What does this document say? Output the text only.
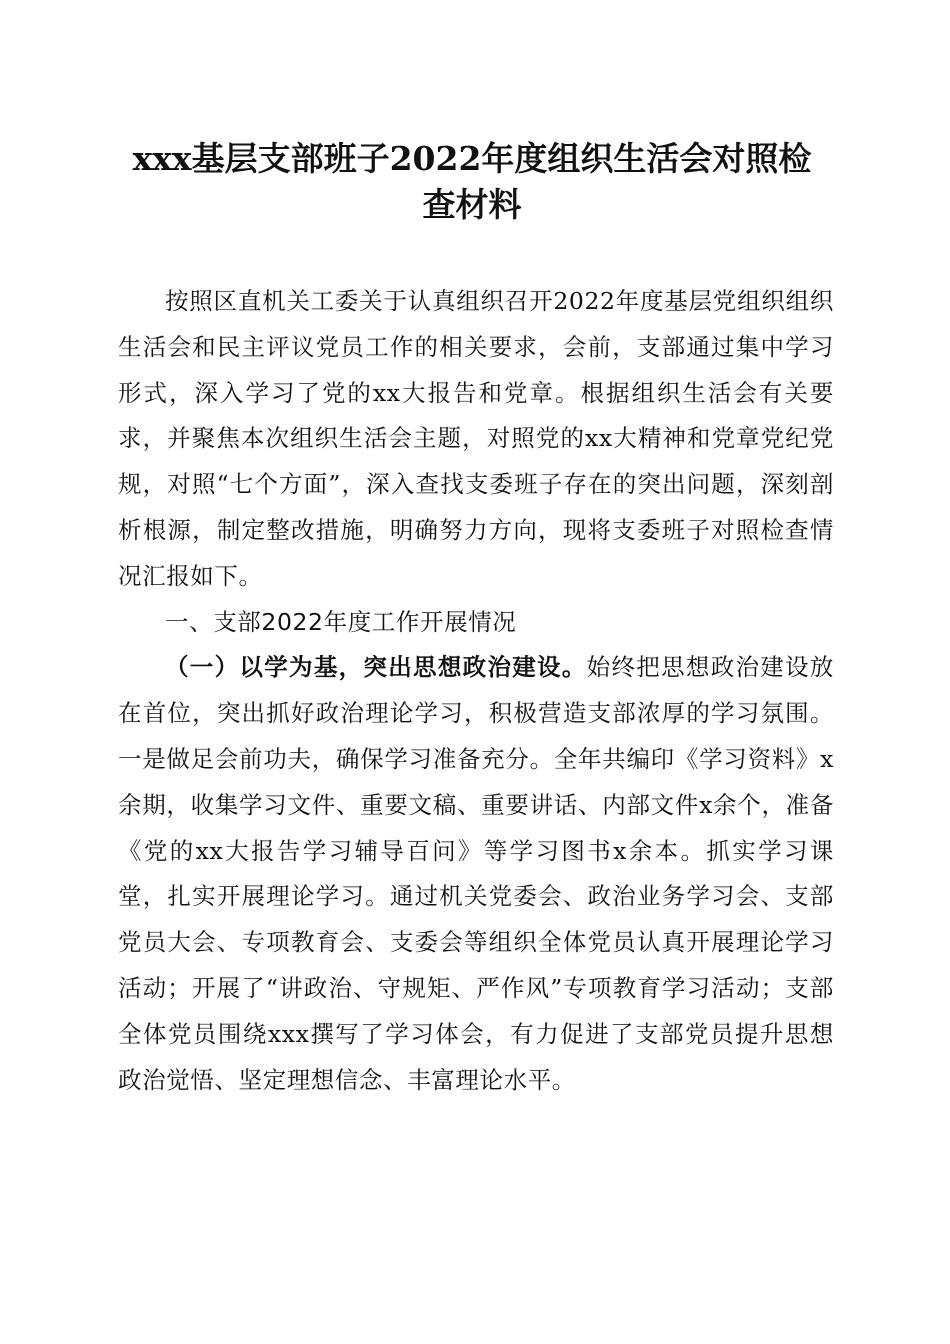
xxx基层支部班子2022年度组织生活会对照检
查材料

按照区直机关工委关于认真组织召开2022年度基层党组织组织生活会和民主评议党员工作的相关要求，会前，支部通过集中学习形式，深入学习了党的xx大报告和党章。根据组织生活会有关要求，并聚焦本次组织生活会主题，对照党的xx大精神和党章党纪党规，对照“七个方面”，深入查找支委班子存在的突出问题，深刻剖析根源，制定整改措施，明确努力方向，现将支委班子对照检查情况汇报如下。

一、支部2022年度工作开展情况

（一）以学为基，突出思想政治建设。始终把思想政治建设放在首位，突出抓好政治理论学习，积极营造支部浓厚的学习氛围。一是做足会前功夫，确保学习准备充分。全年共编印《学习资料》x余期，收集学习文件、重要文稿、重要讲话、内部文件x余个，准备《党的xx大报告学习辅导百问》等学习图书x余本。抓实学习课堂，扎实开展理论学习。通过机关党委会、政治业务学习会、支部党员大会、专项教育会、支委会等组织全体党员认真开展理论学习活动；开展了“讲政治、守规矩、严作风”专项教育学习活动；支部全体党员围绕xxx撰写了学习体会，有力促进了支部党员提升思想政治觉悟、坚定理想信念、丰富理论水平。
